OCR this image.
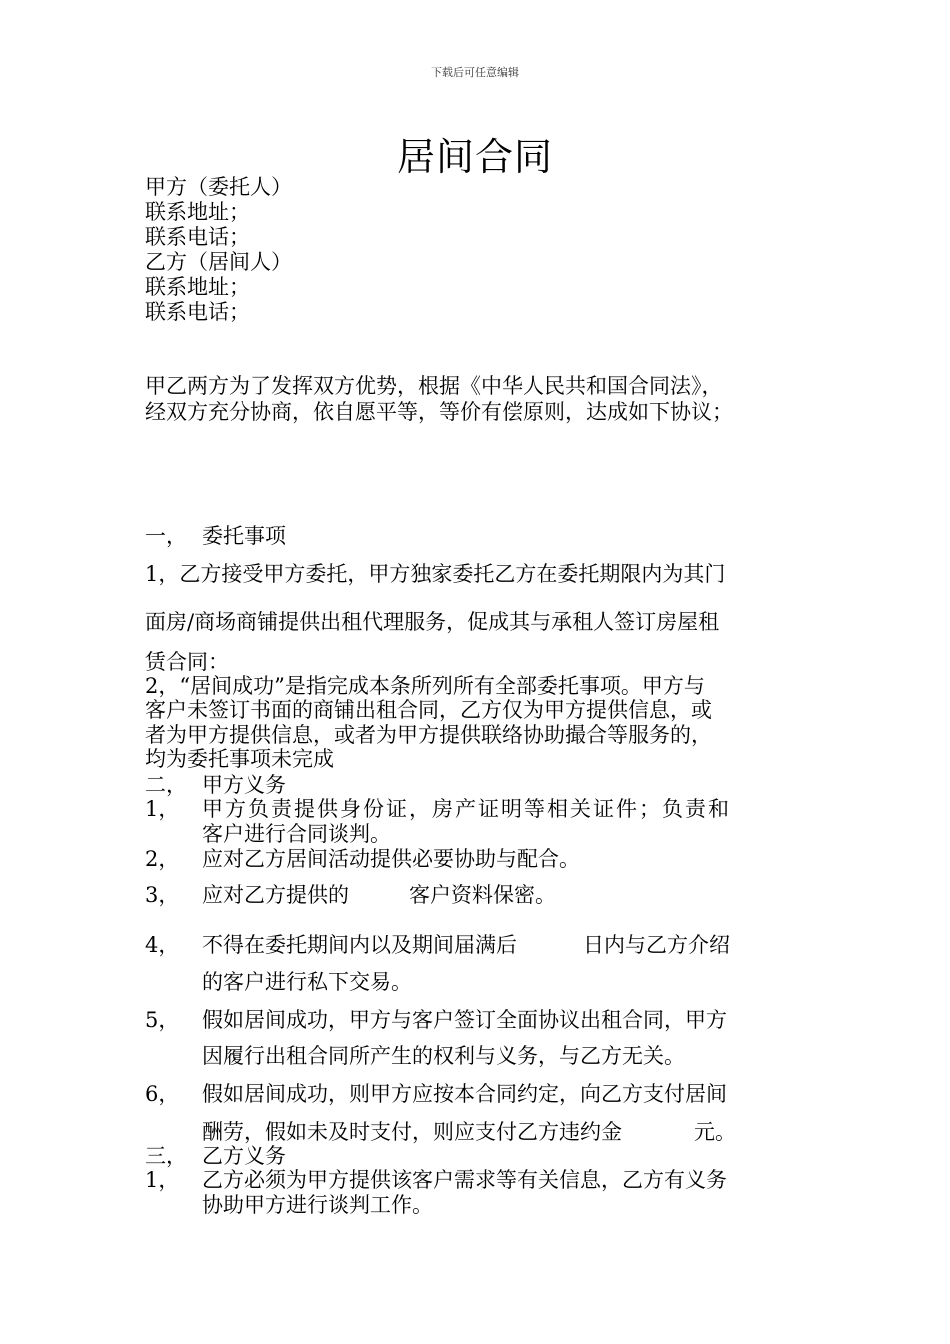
下载后可任意编辑
居间合同
甲方（委托人）
联系地址；
联系电话；
乙方（居间人）
联系地址；
联系电话；
甲乙两方为了发挥双方优势，根据《中华人民共和国合同法》，
经双方充分协商，依自愿平等，等价有偿原则，达成如下协议；
一， 委托事项
1，乙方接受甲方委托，甲方独家委托乙方在委托期限内为其门
面房/商场商铺提供出租代理服务，促成其与承租人签订房屋租
赁合同：
2，“居间成功”是指完成本条所列所有全部委托事项。甲方与
客户未签订书面的商铺出租合同，乙方仅为甲方提供信息，或
者为甲方提供信息，或者为甲方提供联络协助撮合等服务的，
均为委托事项未完成
二， 甲方义务
1， 甲方负责提供身份证，房产证明等相关证件；负责和
客户进行合同谈判。
2， 应对乙方居间活动提供必要协助与配合。
3， 应对乙方提供的	客户资料保密。
4， 不得在委托期间内以及期间届满后	日内与乙方介绍
的客户进行私下交易。
5， 假如居间成功，甲方与客户签订全面协议出租合同，甲方
因履行出租合同所产生的权利与义务，与乙方无关。
6， 假如居间成功，则甲方应按本合同约定，向乙方支付居间
酬劳，假如未及时支付，则应支付乙方违约金	元。
三， 乙方义务
1， 乙方必须为甲方提供该客户需求等有关信息，乙方有义务
协助甲方进行谈判工作。
